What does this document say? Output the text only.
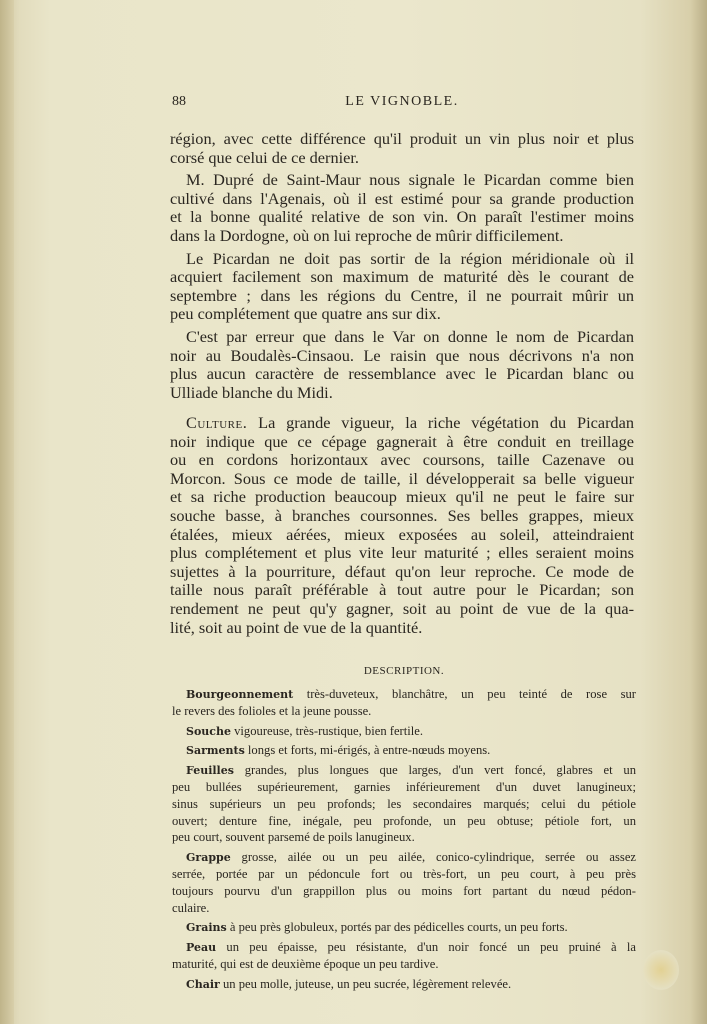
88	LE VIGNOBLE.
région, avec cette différence qu'il produit un vin plus noir et plus
corsé que celui de ce dernier.
M. Dupré de Saint-Maur nous signale le Picardan comme bien
cultivé dans l'Agenais, où il est estimé pour sa grande production
et la bonne qualité relative de son vin. On paraît l'estimer moins
dans la Dordogne, où on lui reproche de mûrir difficilement.
Le Picardan ne doit pas sortir de la région méridionale où il
acquiert facilement son maximum de maturité dès le courant de
septembre ; dans les régions du Centre, il ne pourrait mûrir un
peu complétement que quatre ans sur dix.
C'est par erreur que dans le Var on donne le nom de Picardan
noir au Boudalès-Cinsaou. Le raisin que nous décrivons n'a non
plus aucun caractère de ressemblance avec le Picardan blanc ou
Ulliade blanche du Midi.
Culture. La grande vigueur, la riche végétation du Picardan
noir indique que ce cépage gagnerait à être conduit en treillage
ou en cordons horizontaux avec coursons, taille Cazenave ou
Morcon. Sous ce mode de taille, il développerait sa belle vigueur
et sa riche production beaucoup mieux qu'il ne peut le faire sur
souche basse, à branches coursonnes. Ses belles grappes, mieux
étalées, mieux aérées, mieux exposées au soleil, atteindraient
plus complétement et plus vite leur maturité ; elles seraient moins
sujettes à la pourriture, défaut qu'on leur reproche. Ce mode de
taille nous paraît préférable à tout autre pour le Picardan; son
rendement ne peut qu'y gagner, soit au point de vue de la qua-
lité, soit au point de vue de la quantité.
DESCRIPTION.
Bourgeonnement très-duveteux, blanchâtre, un peu teinté de rose sur
le revers des folioles et la jeune pousse.
Souche vigoureuse, très-rustique, bien fertile.
Sarments longs et forts, mi-érigés, à entre-nœuds moyens.
Feuilles grandes, plus longues que larges, d'un vert foncé, glabres et un
peu bullées supérieurement, garnies inférieurement d'un duvet lanugineux;
sinus supérieurs un peu profonds; les secondaires marqués; celui du pétiole
ouvert; denture fine, inégale, peu profonde, un peu obtuse; pétiole fort, un
peu court, souvent parsemé de poils lanugineux.
Grappe grosse, ailée ou un peu ailée, conico-cylindrique, serrée ou assez
serrée, portée par un pédoncule fort ou très-fort, un peu court, à peu près
toujours pourvu d'un grappillon plus ou moins fort partant du nœud pédon-
culaire.
Grains à peu près globuleux, portés par des pédicelles courts, un peu forts.
Peau un peu épaisse, peu résistante, d'un noir foncé un peu pruiné à la
maturité, qui est de deuxième époque un peu tardive.
Chair un peu molle, juteuse, un peu sucrée, légèrement relevée.
